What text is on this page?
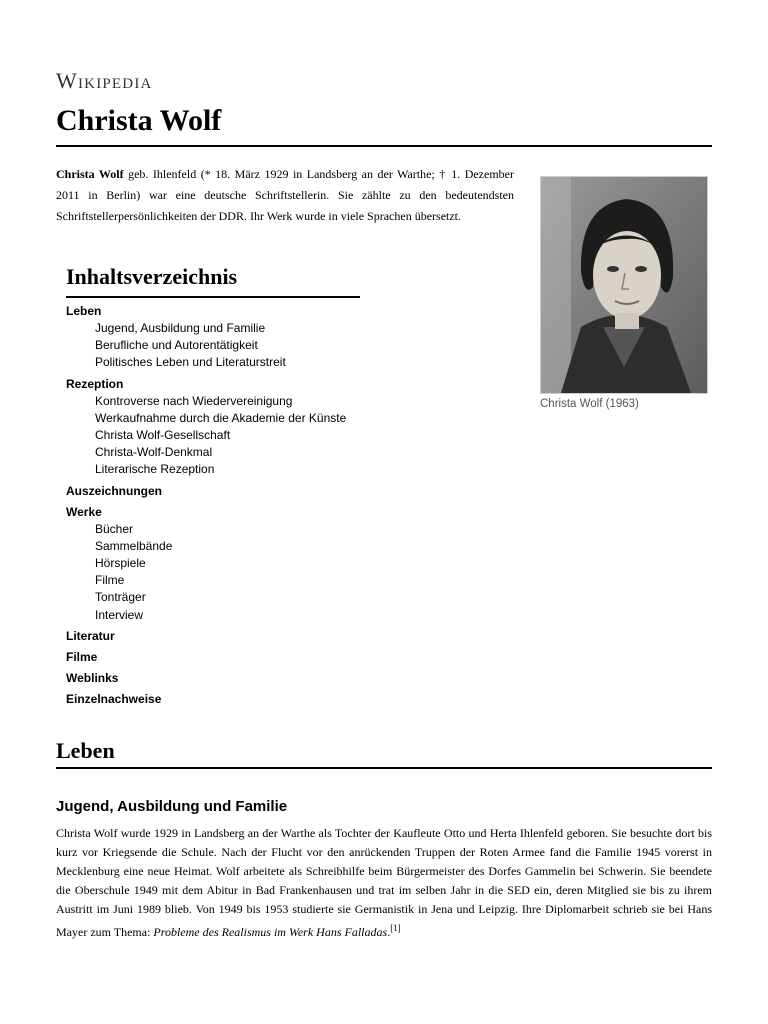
Wikipedia
Christa Wolf

Christa Wolf geb. Ihlenfeld (* 18. März 1929 in Landsberg an der Warthe; † 1. Dezember 2011 in Berlin) war eine deutsche Schriftstellerin. Sie zählte zu den bedeutendsten Schriftstellerpersönlichkeiten der DDR. Ihr Werk wurde in viele Sprachen übersetzt.

Christa Wolf (1963)
Inhaltsverzeichnis
Leben
Jugend, Ausbildung und Familie
Berufliche und Autorentätigkeit
Politisches Leben und Literaturstreit
Rezeption
Kontroverse nach Wiedervereinigung
Werkaufnahme durch die Akademie der Künste
Christa Wolf-Gesellschaft
Christa-Wolf-Denkmal
Literarische Rezeption
Auszeichnungen
Werke
Bücher
Sammelbände
Hörspiele
Filme
Tonträger
Interview
Literatur
Filme
Weblinks
Einzelnachweise
Leben
Jugend, Ausbildung und Familie

Christa Wolf wurde 1929 in Landsberg an der Warthe als Tochter der Kaufleute Otto und Herta Ihlenfeld geboren. Sie besuchte dort bis kurz vor Kriegsende die Schule. Nach der Flucht vor den anrückenden Truppen der Roten Armee fand die Familie 1945 vorerst in Mecklenburg eine neue Heimat. Wolf arbeitete als Schreibhilfe beim Bürgermeister des Dorfes Gammelin bei Schwerin. Sie beendete die Oberschule 1949 mit dem Abitur in Bad Frankenhausen und trat im selben Jahr in die SED ein, deren Mitglied sie bis zu ihrem Austritt im Juni 1989 blieb. Von 1949 bis 1953 studierte sie Germanistik in Jena und Leipzig. Ihre Diplomarbeit schrieb sie bei Hans Mayer zum Thema: Probleme des Realismus im Werk Hans Falladas.[1]
